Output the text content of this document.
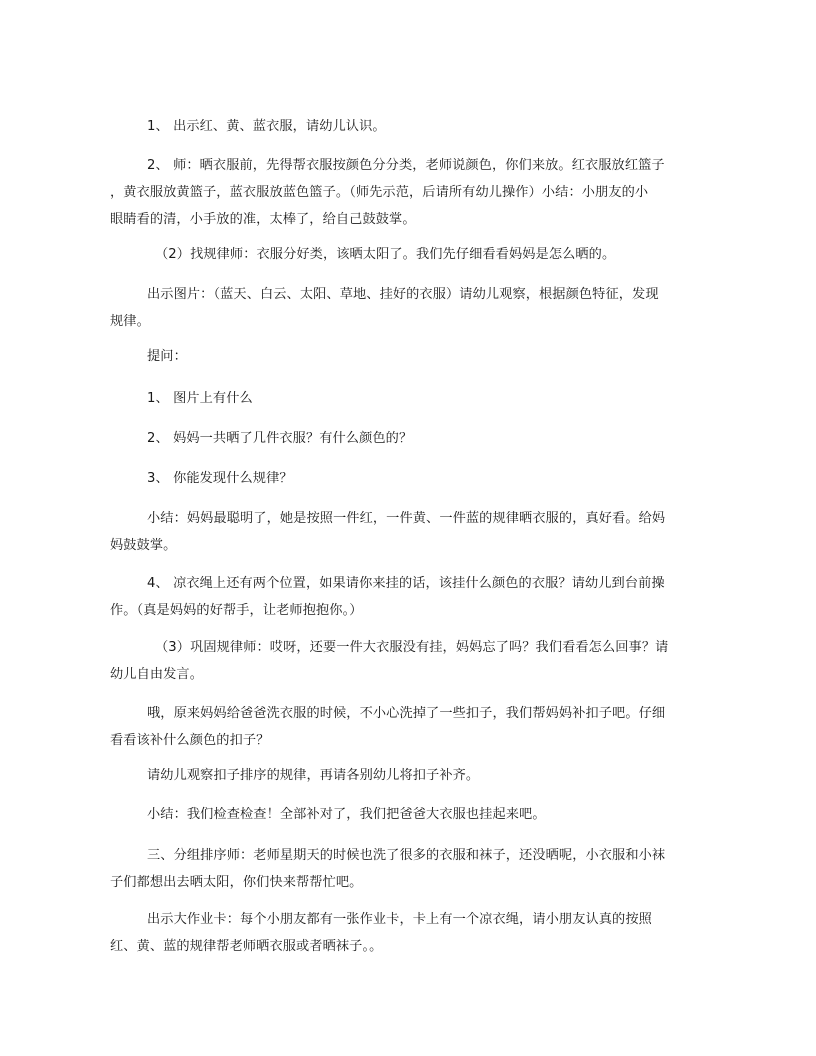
1、 出示红、黄、蓝衣服，请幼儿认识。

2、 师：晒衣服前，先得帮衣服按颜色分分类，老师说颜色，你们来放。红衣服放红篮子
，黄衣服放黄篮子，蓝衣服放蓝色篮子。（师先示范，后请所有幼儿操作）小结：小朋友的小
眼睛看的清，小手放的准，太棒了，给自己鼓鼓掌。

（2）找规律师：衣服分好类，该晒太阳了。我们先仔细看看妈妈是怎么晒的。

出示图片：（蓝天、白云、太阳、草地、挂好的衣服）请幼儿观察，根据颜色特征，发现
规律。

提问：

1、 图片上有什么

2、 妈妈一共晒了几件衣服？有什么颜色的？

3、 你能发现什么规律？

小结：妈妈最聪明了，她是按照一件红，一件黄、一件蓝的规律晒衣服的，真好看。给妈
妈鼓鼓掌。

4、 凉衣绳上还有两个位置，如果请你来挂的话，该挂什么颜色的衣服？请幼儿到台前操
作。（真是妈妈的好帮手，让老师抱抱你。）

（3）巩固规律师：哎呀，还要一件大衣服没有挂，妈妈忘了吗？我们看看怎么回事？请
幼儿自由发言。

哦，原来妈妈给爸爸洗衣服的时候，不小心洗掉了一些扣子，我们帮妈妈补扣子吧。仔细
看看该补什么颜色的扣子？

请幼儿观察扣子排序的规律，再请各别幼儿将扣子补齐。

小结：我们检查检查！全部补对了，我们把爸爸大衣服也挂起来吧。

三、分组排序师：老师星期天的时候也洗了很多的衣服和袜子，还没晒呢，小衣服和小袜
子们都想出去晒太阳，你们快来帮帮忙吧。

出示大作业卡：每个小朋友都有一张作业卡，卡上有一个凉衣绳，请小朋友认真的按照
红、黄、蓝的规律帮老师晒衣服或者晒袜子。。
